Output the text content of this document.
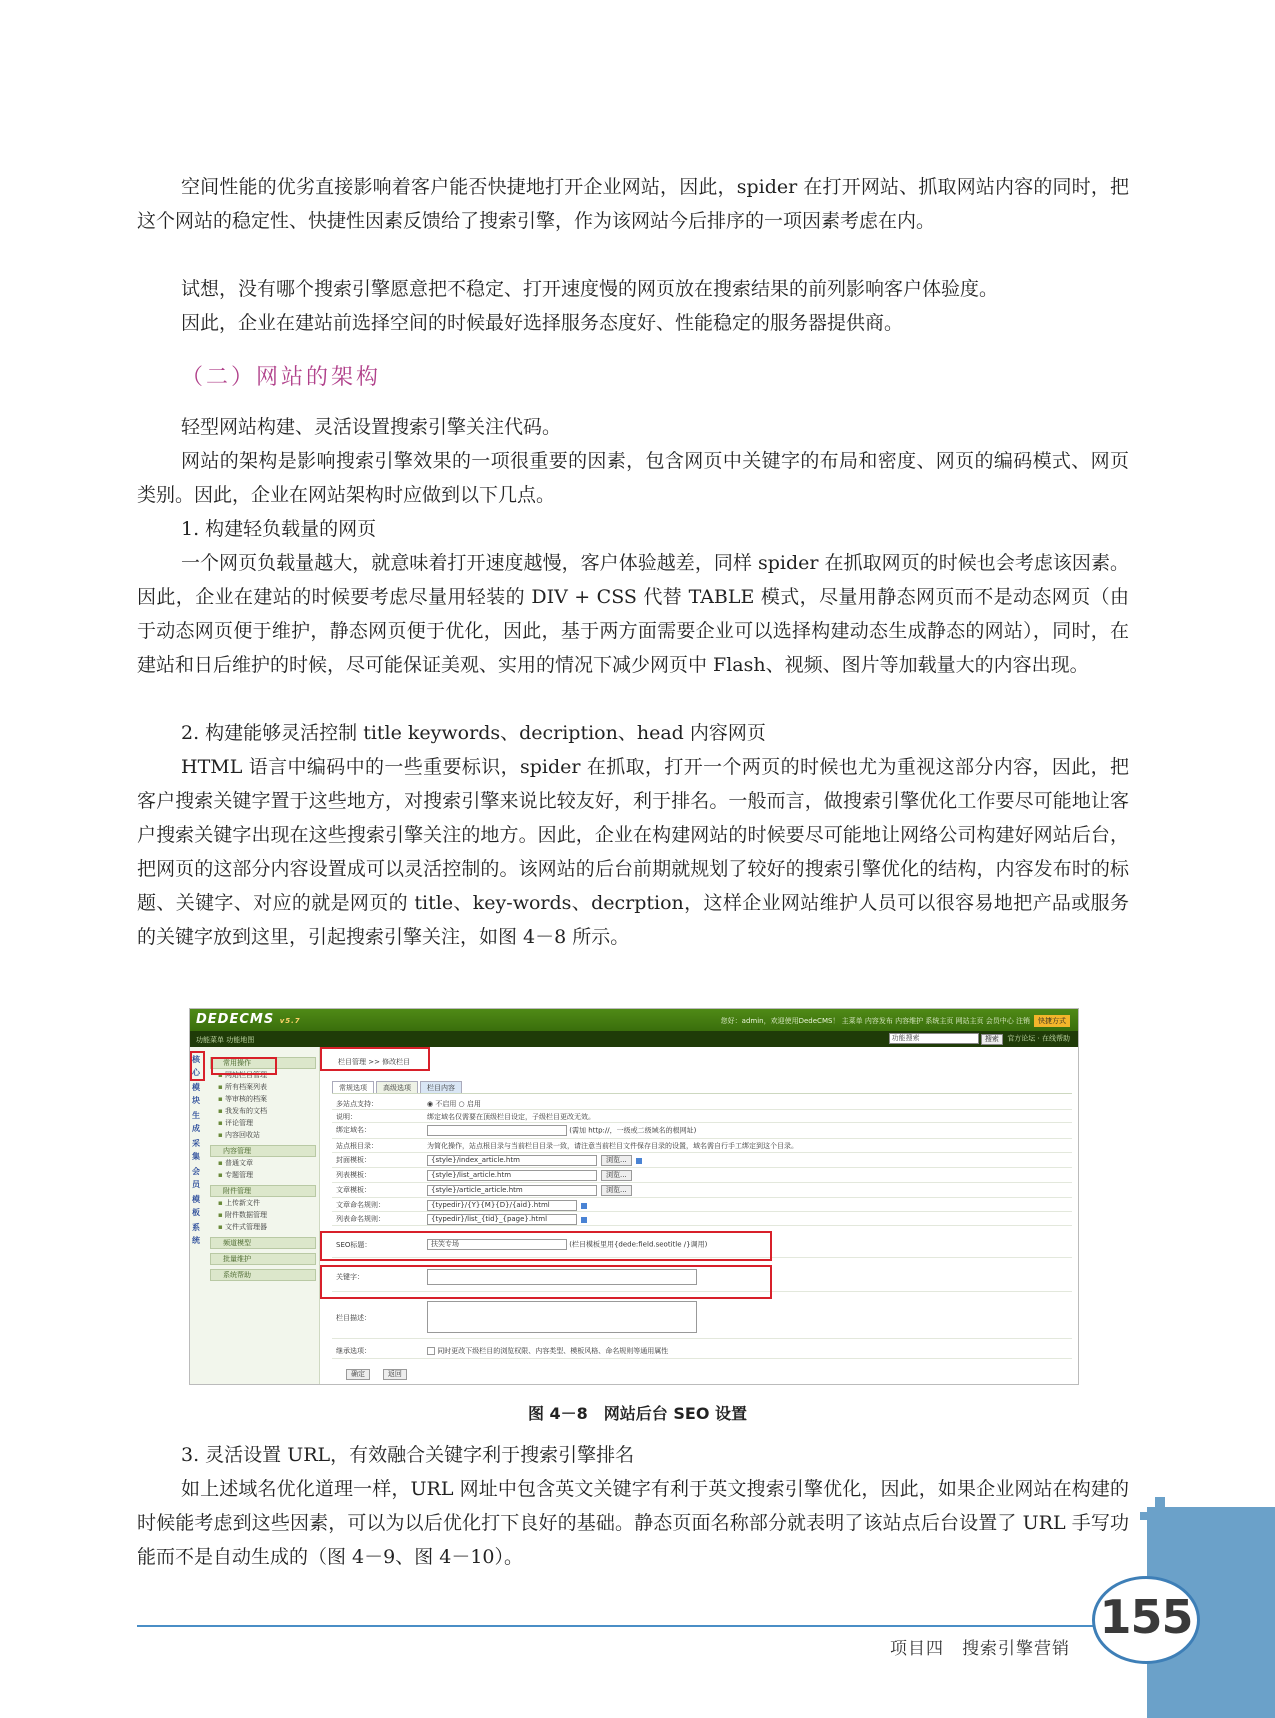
空间性能的优劣直接影响着客户能否快捷地打开企业网站，因此，spider 在打开网站、抓取网站内容的同时，把这个网站的稳定性、快捷性因素反馈给了搜索引擎，作为该网站今后排序的一项因素考虑在内。

试想，没有哪个搜索引擎愿意把不稳定、打开速度慢的网页放在搜索结果的前列影响客户体验度。

因此，企业在建站前选择空间的时候最好选择服务态度好、性能稳定的服务器提供商。

（二）网站的架构

轻型网站构建、灵活设置搜索引擎关注代码。

网站的架构是影响搜索引擎效果的一项很重要的因素，包含网页中关键字的布局和密度、网页的编码模式、网页类别。因此，企业在网站架构时应做到以下几点。

1. 构建轻负载量的网页

一个网页负载量越大，就意味着打开速度越慢，客户体验越差，同样 spider 在抓取网页的时候也会考虑该因素。因此，企业在建站的时候要考虑尽量用轻装的 DIV + CSS 代替 TABLE 模式，尽量用静态网页而不是动态网页（由于动态网页便于维护，静态网页便于优化，因此，基于两方面需要企业可以选择构建动态生成静态的网站），同时，在建站和日后维护的时候，尽可能保证美观、实用的情况下减少网页中 Flash、视频、图片等加载量大的内容出现。

2. 构建能够灵活控制 title keywords、decription、head 内容网页

HTML 语言中编码中的一些重要标识，spider 在抓取，打开一个两页的时候也尤为重视这部分内容，因此，把客户搜索关键字置于这些地方，对搜索引擎来说比较友好，利于排名。一般而言，做搜索引擎优化工作要尽可能地让客户搜索关键字出现在这些搜索引擎关注的地方。因此，企业在构建网站的时候要尽可能地让网络公司构建好网站后台，把网页的这部分内容设置成可以灵活控制的。该网站的后台前期就规划了较好的搜索引擎优化的结构，内容发布时的标题、关键字、对应的就是网页的 title、key-words、decrption，这样企业网站维护人员可以很容易地把产品或服务的关键字放到这里，引起搜索引擎关注，如图 4－8 所示。

DEDECMS v5.7	您好：admin，欢迎使用DedeCMS！ 主菜单 内容发布 内容维护 系统主页 网站主页 会员中心 注销 快捷方式
功能菜单 功能地图	功能搜索	搜索 官方论坛 · 在线帮助
核
心
模
块
生
成
采
集
会
员
模
板
系
统
常用操作
▪ 网站栏目管理
▪ 所有档案列表
▪ 等审核的档案
▪ 我发布的文档
▪ 评论管理
▪ 内容回收站
内容管理
▪ 普通文章
▪ 专题管理
附件管理
▪ 上传新文件
▪ 附件数据管理
▪ 文件式管理器
频道模型
批量维护
系统帮助
栏目管理 >> 修改栏目
常规选项 高级选项 栏目内容
多站点支持：	◉ 不启用 ○ 启用
说明：	绑定域名仅需要在顶级栏目设定，子级栏目更改无效。
绑定域名：	(需加 http://，一级或二级域名的根网址)
站点根目录：	为简化操作，站点根目录与当前栏目目录一致，请注意当前栏目文件保存目录的设置，域名需自行手工绑定到这个目录。
封面模板：	{style}/index_article.htm	浏览...
列表模板：	{style}/list_article.htm	浏览...
文章模板：	{style}/article_article.htm	浏览...
文章命名规则：	{typedir}/{Y}{M}{D}/{aid}.html
列表命名规则：	{typedir}/list_{tid}_{page}.html
SEO标题：	扶笑专场	(栏目模板里用{dede:field.seotitle /}调用)
关键字：
栏目描述：
继承选项：	同时更改下级栏目的浏览权限、内容类型、模板风格、命名规则等通用属性
确定	返回
图 4－8　网站后台 SEO 设置

3. 灵活设置 URL，有效融合关键字利于搜索引擎排名

如上述域名优化道理一样，URL 网址中包含英文关键字有利于英文搜索引擎优化，因此，如果企业网站在构建的时候能考虑到这些因素，可以为以后优化打下良好的基础。静态页面名称部分就表明了该站点后台设置了 URL 手写功能而不是自动生成的（图 4－9、图 4－10）。

项目四　搜索引擎营销
155
